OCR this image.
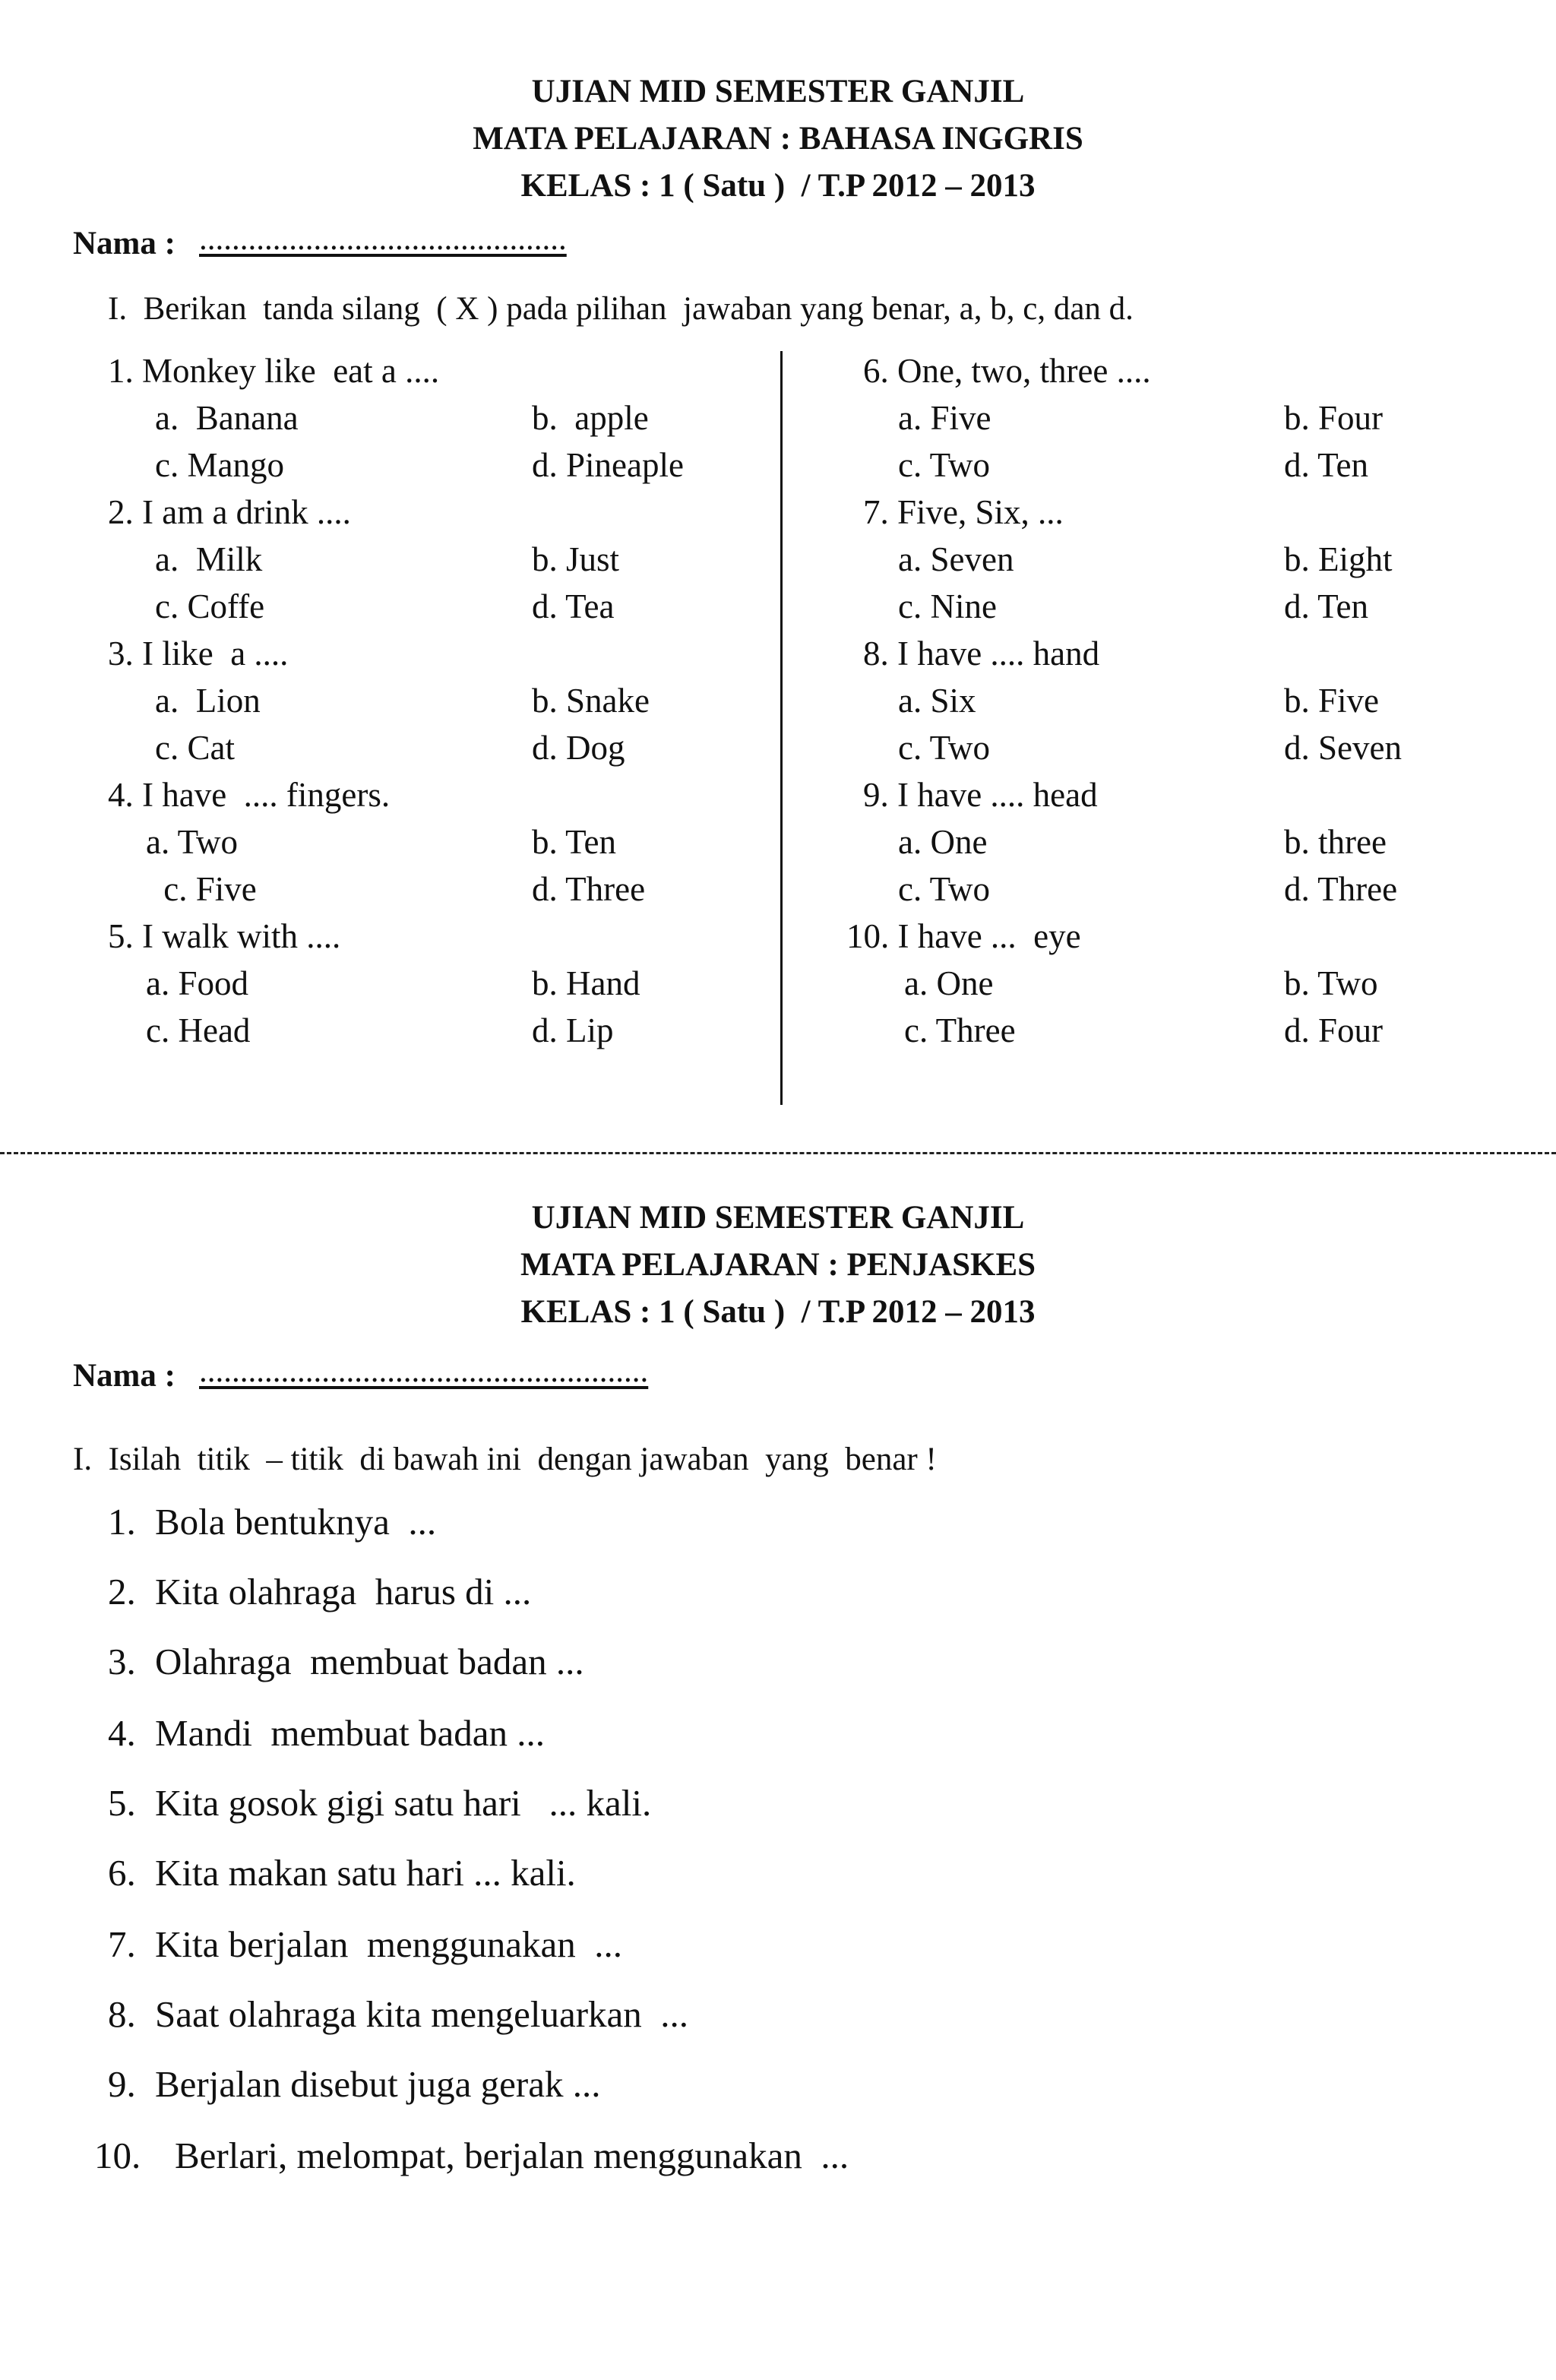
UJIAN MID SEMESTER GANJIL
MATA PELAJARAN : BAHASA INGGRIS
KELAS : 1 ( Satu )  / T.P 2012 – 2013
Nama : .............................................
I.  Berikan  tanda silang  ( X ) pada pilihan  jawaban yang benar, a, b, c, dan d.
1. Monkey like  eat a ....
a.  Banana	b.  apple
c. Mango	d. Pineaple
2. I am a drink ....
a.  Milk	b. Just
c. Coffe	d. Tea
3. I like  a ....
a.  Lion	b. Snake
c. Cat	d. Dog
4. I have  .... fingers.
a. Two	b. Ten
c. Five	d. Three
5. I walk with ....
a. Food	b. Hand
c. Head	d. Lip
6. One, two, three ....
a. Five	b. Four
c. Two	d. Ten
7. Five, Six, ...
a. Seven	b. Eight
c. Nine	d. Ten
8. I have .... hand
a. Six	b. Five
c. Two	d. Seven
9. I have .... head
a. One	b. three
c. Two	d. Three
10. I have ...  eye
a. One	b. Two
c. Three	d. Four
UJIAN MID SEMESTER GANJIL
MATA PELAJARAN : PENJASKES
KELAS : 1 ( Satu )  / T.P 2012 – 2013
Nama : .......................................................
I.  Isilah  titik  – titik  di bawah ini  dengan jawaban  yang  benar !
1. Bola bentuknya  ...
2. Kita olahraga  harus di ...
3. Olahraga  membuat badan ...
4. Mandi  membuat badan ...
5. Kita gosok gigi satu hari   ... kali.
6. Kita makan satu hari ... kali.
7. Kita berjalan  menggunakan  ...
8. Saat olahraga kita mengeluarkan  ...
9. Berjalan disebut juga gerak ...
10. Berlari, melompat, berjalan menggunakan  ...
